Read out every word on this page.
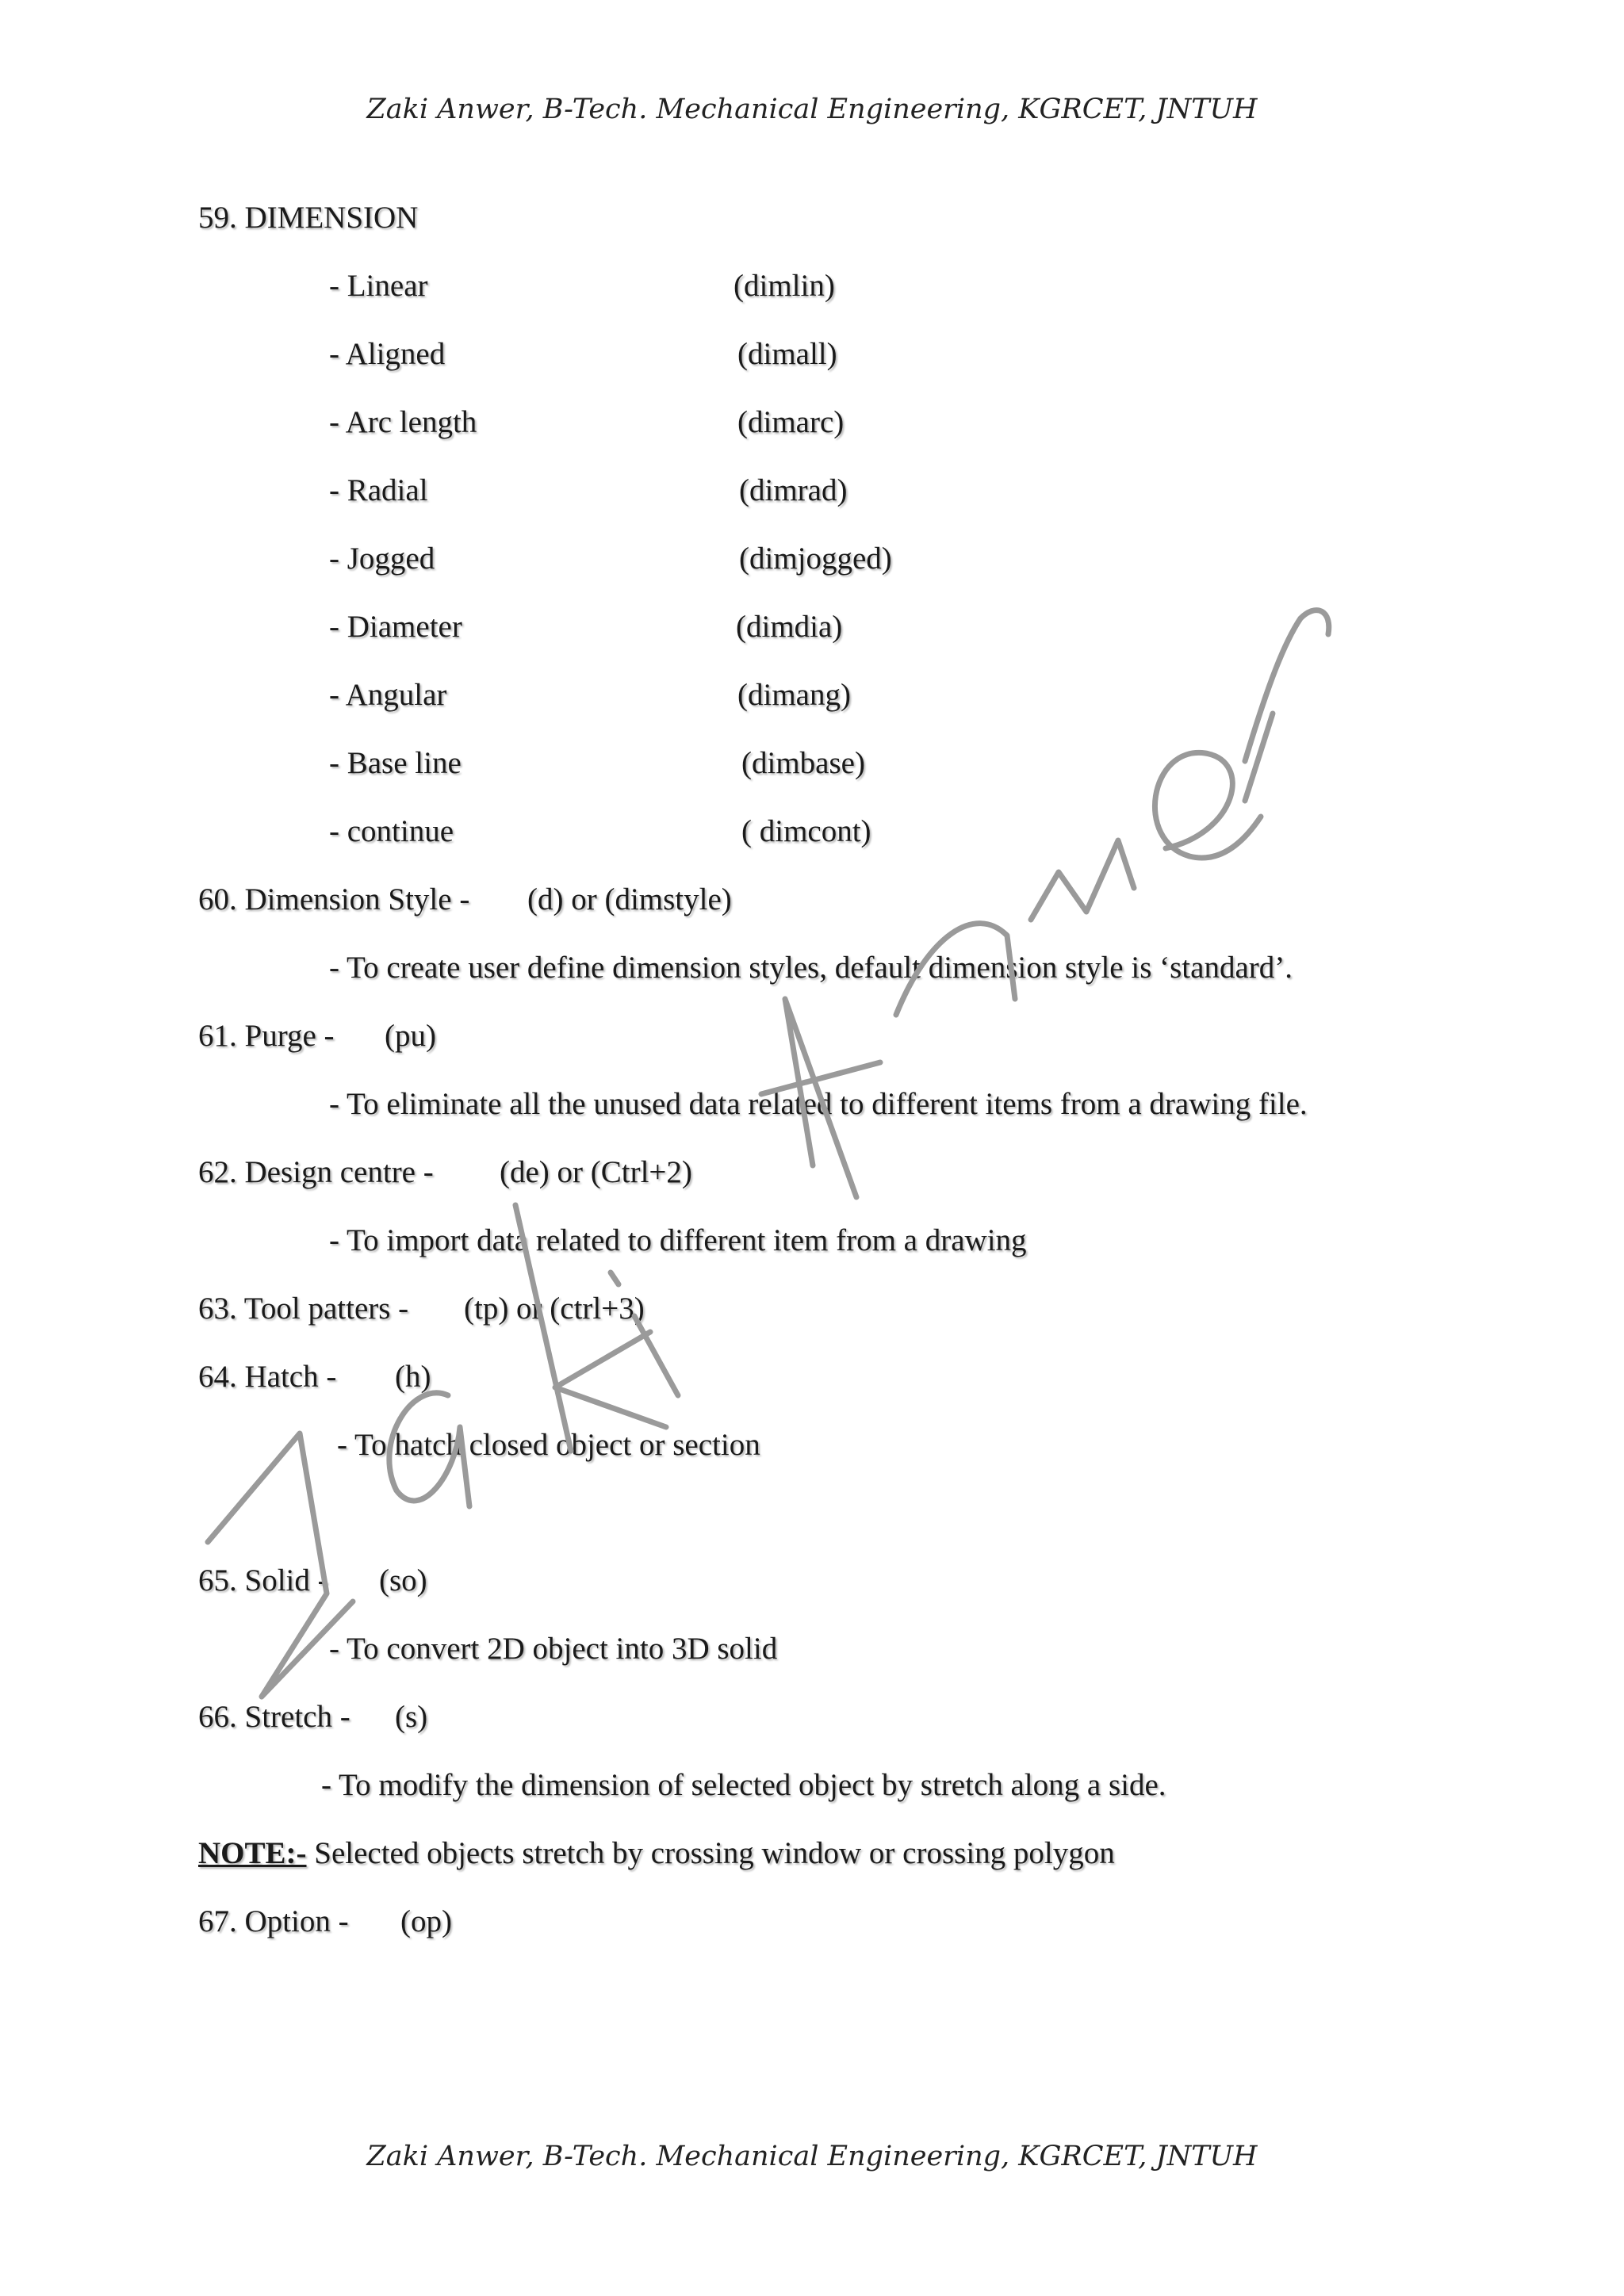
Zaki Anwer, B-Tech. Mechanical Engineering, KGRCET, JNTUH
59. DIMENSION
- Linear	(dimlin)
- Aligned	(dimall)
- Arc length	(dimarc)
- Radial	(dimrad)
- Jogged	(dimjogged)
- Diameter	(dimdia)
- Angular	(dimang)
- Base line	(dimbase)
- continue	( dimcont)
60. Dimension Style - (d) or (dimstyle)
- To create user define dimension styles, default dimension style is ‘standard’.
61. Purge - (pu)
- To eliminate all the unused data related to different items from a drawing file.
62. Design centre - (de) or (Ctrl+2)
- To import data related to different item from a drawing
63. Tool patters - (tp) or (ctrl+3)
64. Hatch - (h)
- To hatch closed object or section
65. Solid - (so)
- To convert 2D object into 3D solid
66. Stretch - (s)
- To modify the dimension of selected object by stretch along a side.
NOTE:- Selected objects stretch by crossing window or crossing polygon
67. Option - (op)
Zaki Anwer, B-Tech. Mechanical Engineering, KGRCET, JNTUH
